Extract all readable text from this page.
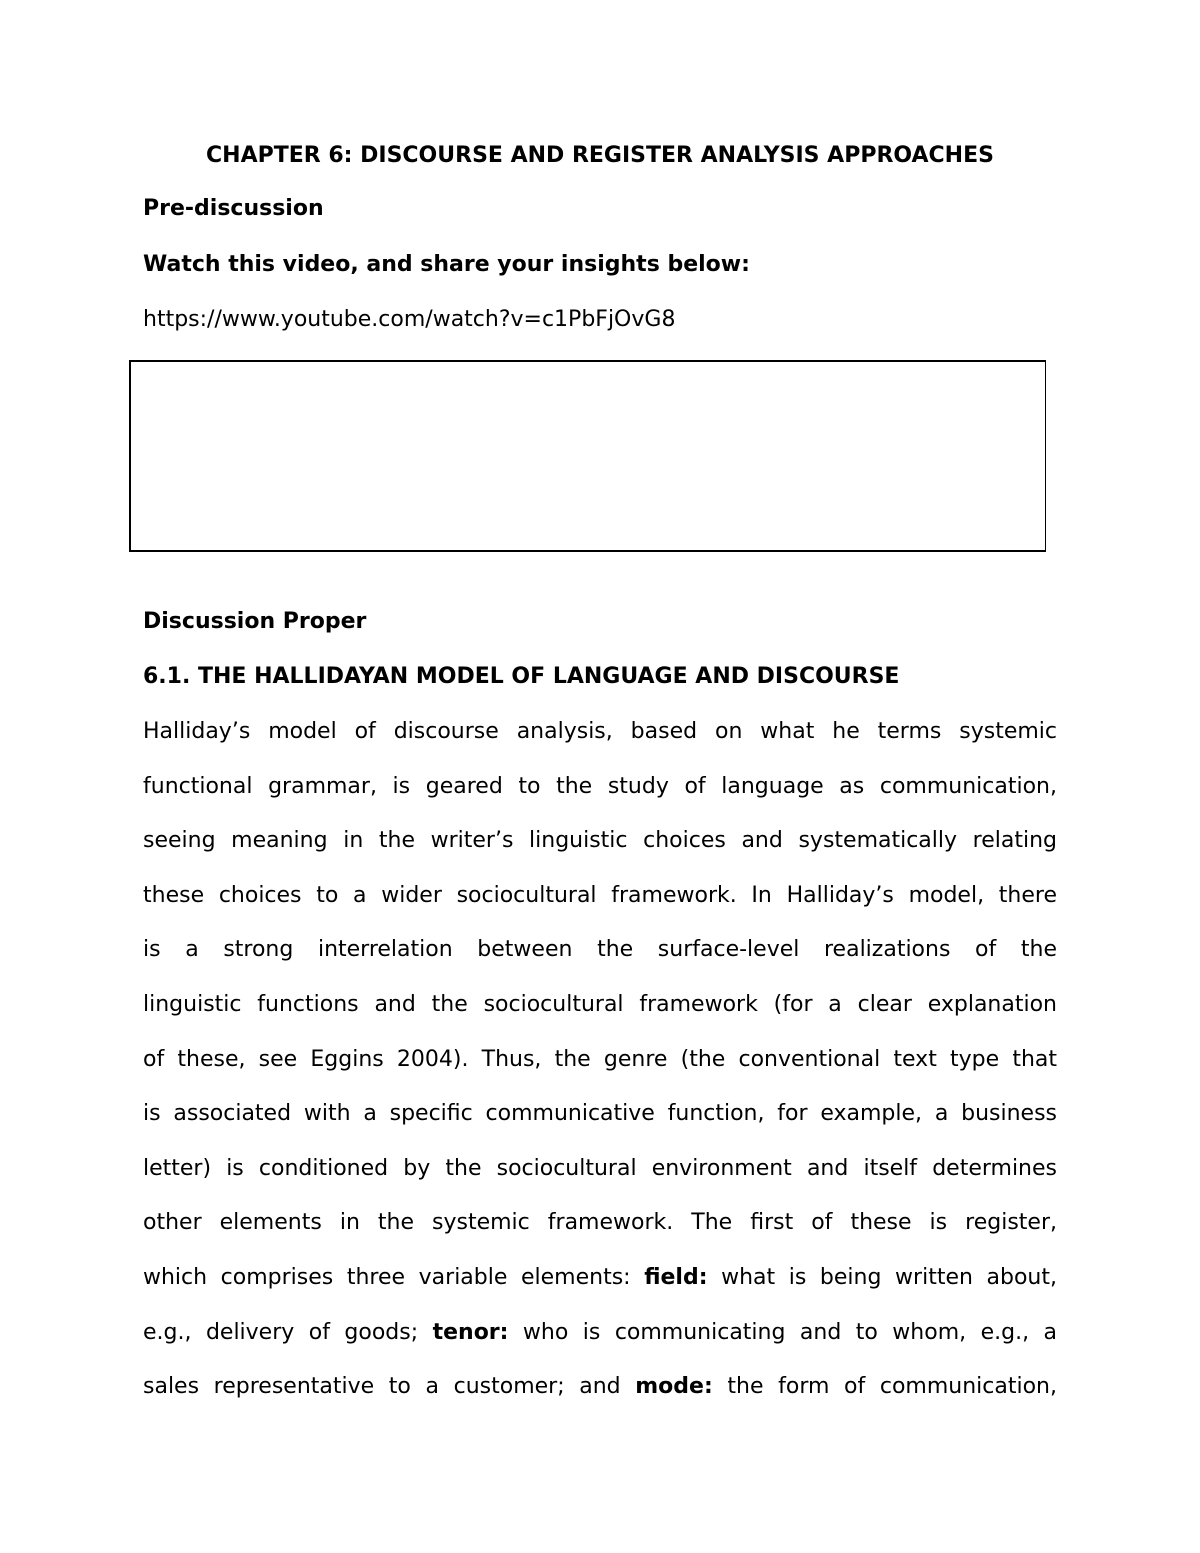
CHAPTER 6: DISCOURSE AND REGISTER ANALYSIS APPROACHES
Pre-discussion
Watch this video, and share your insights below:
https://www.youtube.com/watch?v=c1PbFjOvG8
Discussion Proper
6.1. THE HALLIDAYAN MODEL OF LANGUAGE AND DISCOURSE
Halliday’s model of discourse analysis, based on what he terms systemic
functional grammar, is geared to the study of language as communication,
seeing meaning in the writer’s linguistic choices and systematically relating
these choices to a wider sociocultural framework. In Halliday’s model, there
is a strong interrelation between the surface-level realizations of the
linguistic functions and the sociocultural framework (for a clear explanation
of these, see Eggins 2004). Thus, the genre (the conventional text type that
is associated with a specific communicative function, for example, a business
letter) is conditioned by the sociocultural environment and itself determines
other elements in the systemic framework. The first of these is register,
which comprises three variable elements: field: what is being written about,
e.g., delivery of goods; tenor: who is communicating and to whom, e.g., a
sales representative to a customer; and mode: the form of communication,
